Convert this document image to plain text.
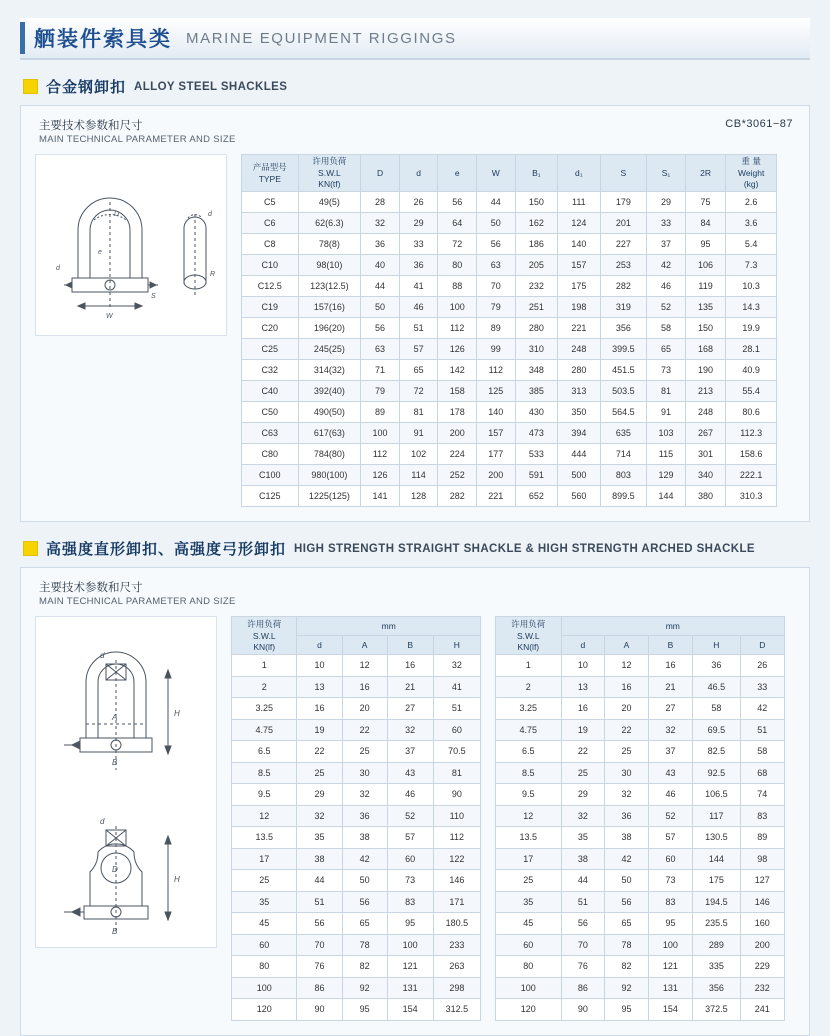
舾装件索具类 MARINE EQUIPMENT RIGGINGS
合金钢卸扣 ALLOY STEEL SHACKLES
CB*3061−87
主要技术参数和尺寸
MAIN TECHNICAL PARAMETER AND SIZE
D
e
d
W
S
d
R
产品型号
TYPE	许用负荷
S.W.L
KN(tf)	D	d	e	W	B₁	d₁	S	S₁	2R	重 量
Weight
(kg)
C5	49(5)	28	26	56	44	150	111	179	29	75	2.6
C6	62(6.3)	32	29	64	50	162	124	201	33	84	3.6
C8	78(8)	36	33	72	56	186	140	227	37	95	5.4
C10	98(10)	40	36	80	63	205	157	253	42	106	7.3
C12.5	123(12.5)	44	41	88	70	232	175	282	46	119	10.3
C19	157(16)	50	46	100	79	251	198	319	52	135	14.3
C20	196(20)	56	51	112	89	280	221	356	58	150	19.9
C25	245(25)	63	57	126	99	310	248	399.5	65	168	28.1
C32	314(32)	71	65	142	112	348	280	451.5	73	190	40.9
C40	392(40)	79	72	158	125	385	313	503.5	81	213	55.4
C50	490(50)	89	81	178	140	430	350	564.5	91	248	80.6
C63	617(63)	100	91	200	157	473	394	635	103	267	112.3
C80	784(80)	112	102	224	177	533	444	714	115	301	158.6
C100	980(100)	126	114	252	200	591	500	803	129	340	222.1
C125	1225(125)	141	128	282	221	652	560	899.5	144	380	310.3
高强度直形卸扣、高强度弓形卸扣 HIGH STRENGTH STRAIGHT SHACKLE & HIGH STRENGTH ARCHED SHACKLE
主要技术参数和尺寸
MAIN TECHNICAL PARAMETER AND SIZE
d
A	H
B
d
D
H
B
许用负荷
S.W.L
KN(lf)	mm			
	d	A	B	H
1	10	12	16	32
2	13	16	21	41
3.25	16	20	27	51
4.75	19	22	32	60
6.5	22	25	37	70.5
8.5	25	30	43	81
9.5	29	32	46	90
12	32	36	52	110
13.5	35	38	57	112
17	38	42	60	122
25	44	50	73	146
35	51	56	83	171
45	56	65	95	180.5
60	70	78	100	233
80	76	82	121	263
100	86	92	131	298
120	90	95	154	312.5
许用负荷
S.W.L
KN(lf)	mm				
	d	A	B	H	D
1	10	12	16	36	26
2	13	16	21	46.5	33
3.25	16	20	27	58	42
4.75	19	22	32	69.5	51
6.5	22	25	37	82.5	58
8.5	25	30	43	92.5	68
9.5	29	32	46	106.5	74
12	32	36	52	117	83
13.5	35	38	57	130.5	89
17	38	42	60	144	98
25	44	50	73	175	127
35	51	56	83	194.5	146
45	56	65	95	235.5	160
60	70	78	100	289	200
80	76	82	121	335	229
100	86	92	131	356	232
120	90	95	154	372.5	241
